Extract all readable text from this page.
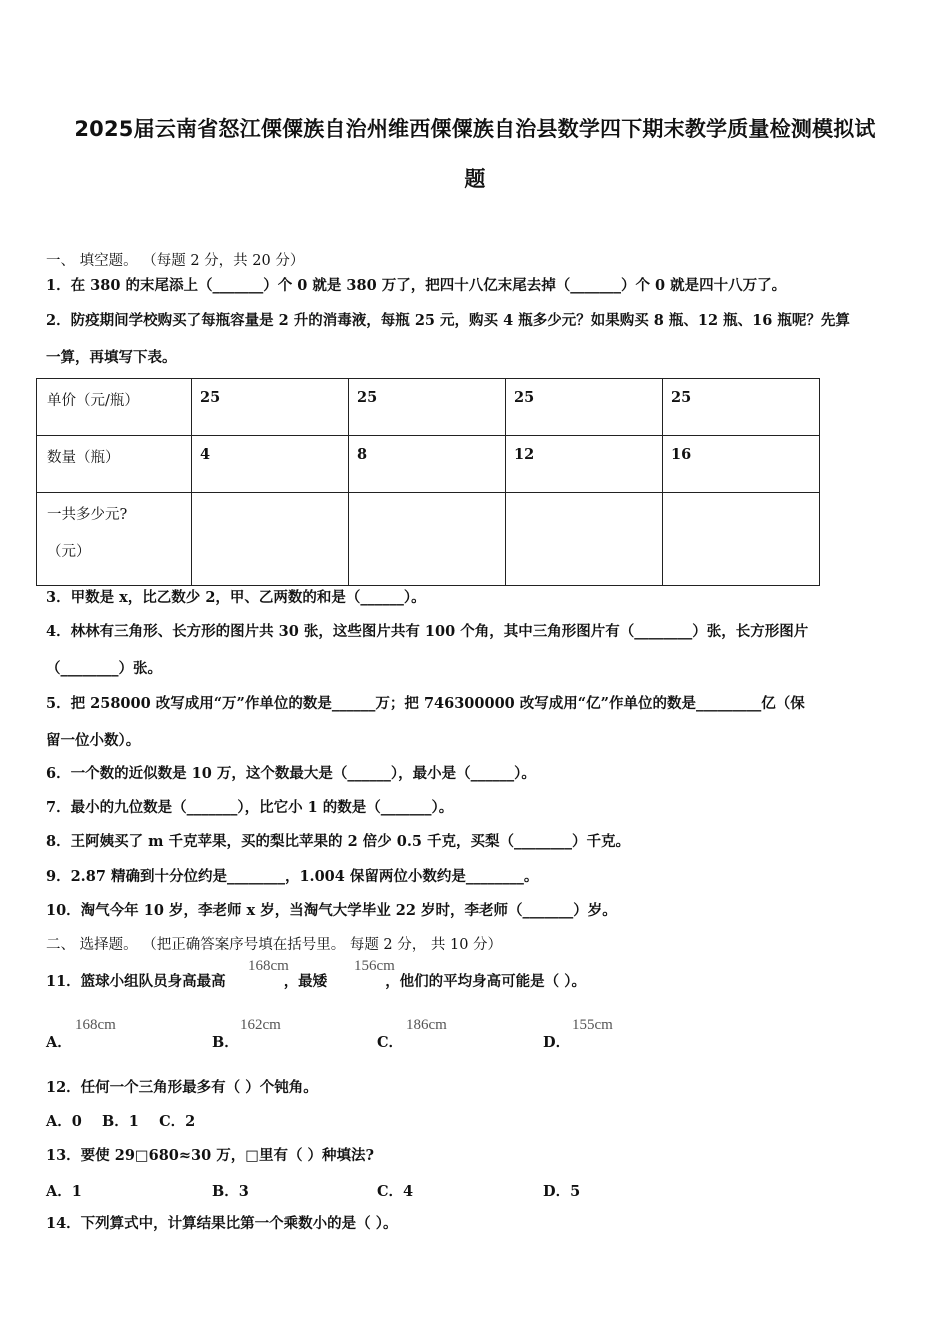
2025届云南省怒江傈僳族自治州维西傈僳族自治县数学四下期末教学质量检测模拟试
题
一、 填空题。 （每题 2 分，共 20 分）
1．在 380 的末尾添上（_______）个 0 就是 380 万了，把四十八亿末尾去掉（_______）个 0 就是四十八万了。
2．防疫期间学校购买了每瓶容量是 2 升的消毒液，每瓶 25 元，购买 4 瓶多少元？如果购买 8 瓶、12 瓶、16 瓶呢？先算
一算，再填写下表。
单价（元/瓶）	25	25	25	25
数量（瓶）	4	8	12	16

一共多少元?
（元）				

3．甲数是 x，比乙数少 2，甲、乙两数的和是（______）。
4．林林有三角形、长方形的图片共 30 张，这些图片共有 100 个角，其中三角形图片有（________）张，长方形图片
（________）张。
5．把 258000 改写成用“万”作单位的数是______万；把 746300000 改写成用“亿”作单位的数是_________亿（保
留一位小数）。
6．一个数的近似数是 10 万，这个数最大是（______），最小是（______）。
7．最小的九位数是（_______），比它小 1 的数是（_______）。
8．王阿姨买了 m 千克苹果，买的梨比苹果的 2 倍少 0.5 千克，买梨（________）千克。
9．2.87 精确到十分位约是________，1.004 保留两位小数约是________。
10．淘气今年 10 岁，李老师 x 岁，当淘气大学毕业 22 岁时，李老师（_______）岁。
二、 选择题。 （把正确答案序号填在括号里。 每题 2 分， 共 10 分）
11．篮球小组队员身高最高	，最矮	，他们的平均身高可能是（ ）。
168cm	156cm
A．
168cm
B．
162cm
C．
186cm
D．
155cm
12．任何一个三角形最多有（ ）个钝角。
A．0    B．1    C．2
13．要使 29□680≈30 万，□里有（ ）种填法?
A．1	B．3	C．4	D．5
14．下列算式中，计算结果比第一个乘数小的是（ ）。
